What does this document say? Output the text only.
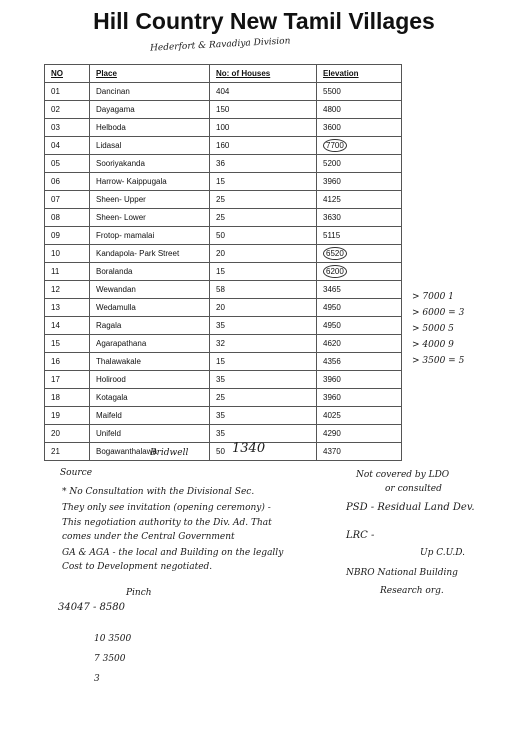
Hill Country New Tamil Villages
Hederfort & Ravadiya Division
NO	Place	No: of Houses	Elevation
01	Dancinan	404	5500
02	Dayagama	150	4800
03	Helboda	100	3600
04	Lidasal	160	7700
05	Sooriyakanda	36	5200
06	Harrow- Kaippugala	15	3960
07	Sheen- Upper	25	4125
08	Sheen- Lower	25	3630
09	Frotop- mamalai	50	5115
10	Kandapola- Park Street	20	6520
11	Boralanda	15	6200
12	Wewandan	58	3465
13	Wedamulla	20	4950
14	Ragala	35	4950
15	Agarapathana	32	4620
16	Thalawakale	15	4356
17	Holirood	35	3960
18	Kotagala	25	3960
19	Maifeld	35	4025
20	Unifeld	35	4290
21	Bogawanthalawa	50	4370
Bridwell	1340
> 7000 1
> 6000 = 3
> 5000 5
> 4000 9
> 3500 = 5
Source
* No Consultation with the Divisional Sec.
They only see invitation (opening ceremony) -
This negotiation authority to the Div. Ad. That
comes under the Central Government
GA & AGA - the local and Building on the legally
Cost to Development negotiated.
Not covered by LDO
or consulted
PSD - Residual Land Dev.
LRC -
Up C.U.D.
NBRO National Building
Research org.
Pinch
34047 - 8580
10 3500
7 3500
3
